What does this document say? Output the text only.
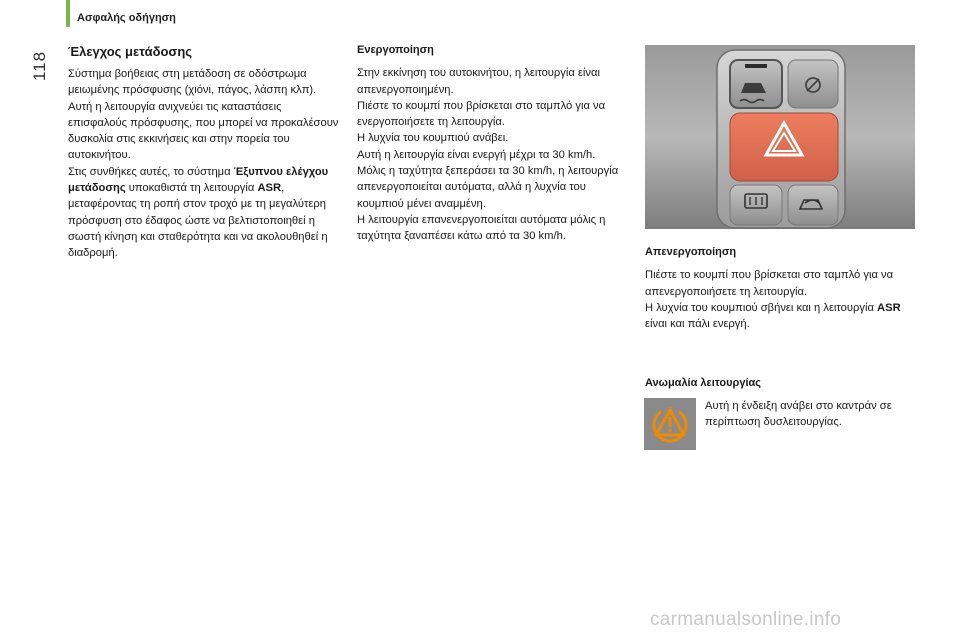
Ασφαλής οδήγηση
118 Έλεγχος μετάδοσης

Σύστημα βοήθειας στη μετάδοση σε οδόστρωμα μειωμένης πρόσφυσης (χιόνι, πάγος, λάσπη κλπ).

Αυτή η λειτουργία ανιχνεύει τις καταστάσεις επισφαλούς πρόσφυσης, που μπορεί να προκαλέσουν δυσκολία στις εκκινήσεις και στην πορεία του αυτοκινήτου.

Στις συνθήκες αυτές, το σύστημα Έξυπνου ελέγχου μετάδοσης υποκαθιστά τη λειτουργία ASR, μεταφέροντας τη ροπή στον τροχό με τη μεγαλύτερη πρόσφυση στο έδαφος ώστε να βελτιστοποιηθεί η σωστή κίνηση και σταθερότητα και να ακολουθηθεί η διαδρομή.

Ενεργοποίηση

Στην εκκίνηση του αυτοκινήτου, η λειτουργία είναι απενεργοποιημένη.

Πιέστε το κουμπί που βρίσκεται στο ταμπλό για να ενεργοποιήσετε τη λειτουργία.

Η λυχνία του κουμπιού ανάβει.

Αυτή η λειτουργία είναι ενεργή μέχρι τα 30 km/h.

Μόλις η ταχύτητα ξεπεράσει τα 30 km/h, η λειτουργία απενεργοποιείται αυτόματα, αλλά η λυχνία του κουμπιού μένει αναμμένη.

Η λειτουργία επανενεργοποιείται αυτόματα μόλις η ταχύτητα ξαναπέσει κάτω από τα 30 km/h.

Απενεργοποίηση

Πιέστε το κουμπί που βρίσκεται στο ταμπλό για να απενεργοποιήσετε τη λειτουργία.

Η λυχνία του κουμπιού σβήνει και η λειτουργία ASR είναι και πάλι ενεργή.

Ανωμαλία λειτουργίας

Αυτή η ένδειξη ανάβει στο καντράν σε περίπτωση δυσλειτουργίας.
carmanualsonline.info
